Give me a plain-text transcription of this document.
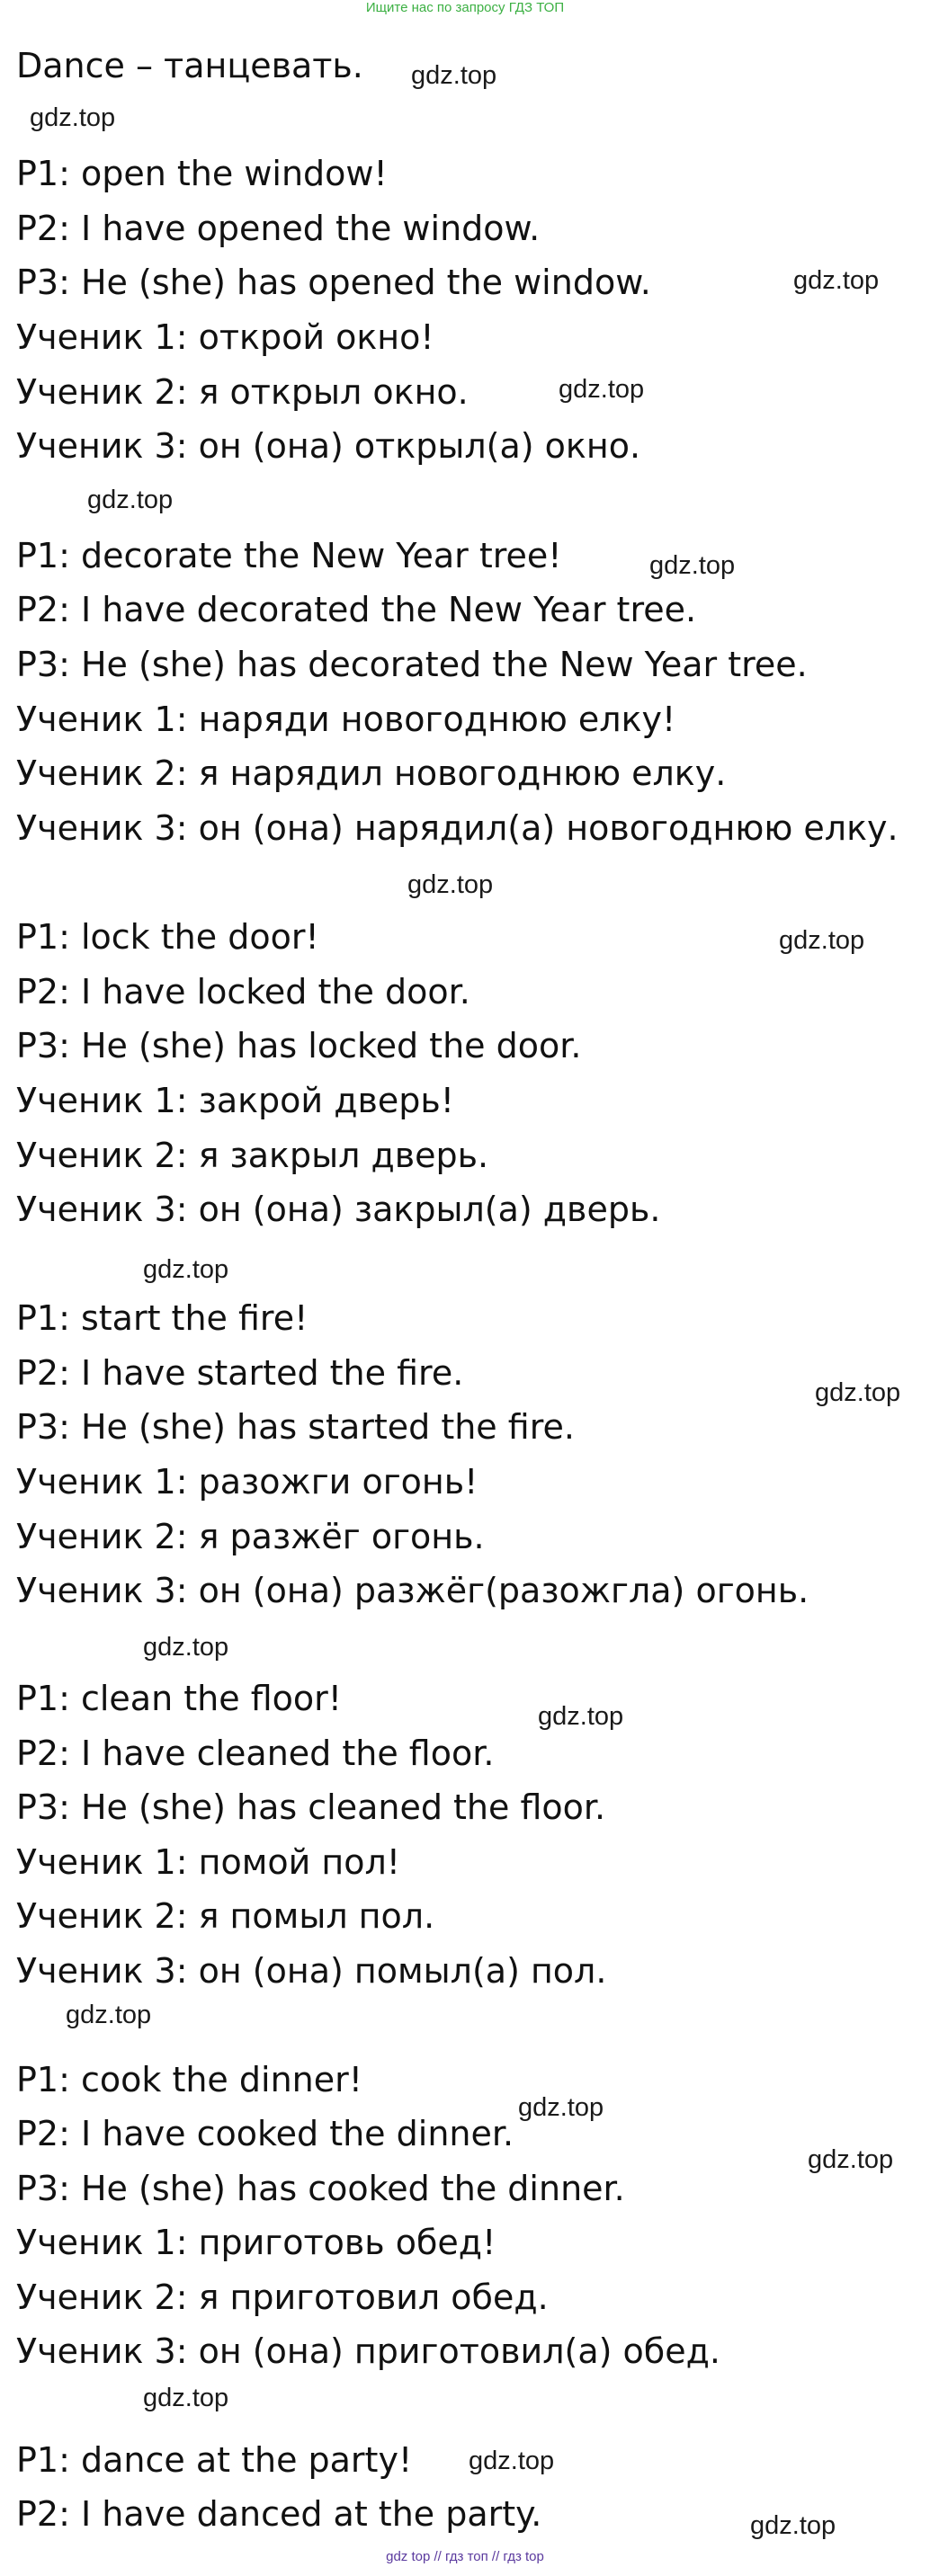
Ищите нас по запросу ГДЗ ТОП
Dance – танцевать.
P1: open the window!
P2: I have opened the window.
P3: He (she) has opened the window.
Ученик 1: открой окно!
Ученик 2: я открыл окно.
Ученик 3: он (она) открыл(а) окно.
P1: decorate the New Year tree!
P2: I have decorated the New Year tree.
P3: He (she) has decorated the New Year tree.
Ученик 1: наряди новогоднюю елку!
Ученик 2: я нарядил новогоднюю елку.
Ученик 3: он (она) нарядил(а) новогоднюю елку.
P1: lock the door!
P2: I have locked the door.
P3: He (she) has locked the door.
Ученик 1: закрой дверь!
Ученик 2: я закрыл дверь.
Ученик 3: он (она) закрыл(а) дверь.
P1: start the fire!
P2: I have started the fire.
P3: He (she) has started the fire.
Ученик 1: разожги огонь!
Ученик 2: я разжёг огонь.
Ученик 3: он (она) разжёг(разожгла) огонь.
P1: clean the floor!
P2: I have cleaned the floor.
P3: He (she) has cleaned the floor.
Ученик 1: помой пол!
Ученик 2: я помыл пол.
Ученик 3: он (она) помыл(а) пол.
P1: cook the dinner!
P2: I have cooked the dinner.
P3: He (she) has cooked the dinner.
Ученик 1: приготовь обед!
Ученик 2: я приготовил обед.
Ученик 3: он (она) приготовил(а) обед.
P1: dance at the party!
P2: I have danced at the party.
gdz.top
gdz.top
gdz.top
gdz.top
gdz.top
gdz.top
gdz.top
gdz.top
gdz.top
gdz.top
gdz.top
gdz.top
gdz.top
gdz.top
gdz.top
gdz.top
gdz.top
gdz.top
gdz top // гдз топ // гдз top
